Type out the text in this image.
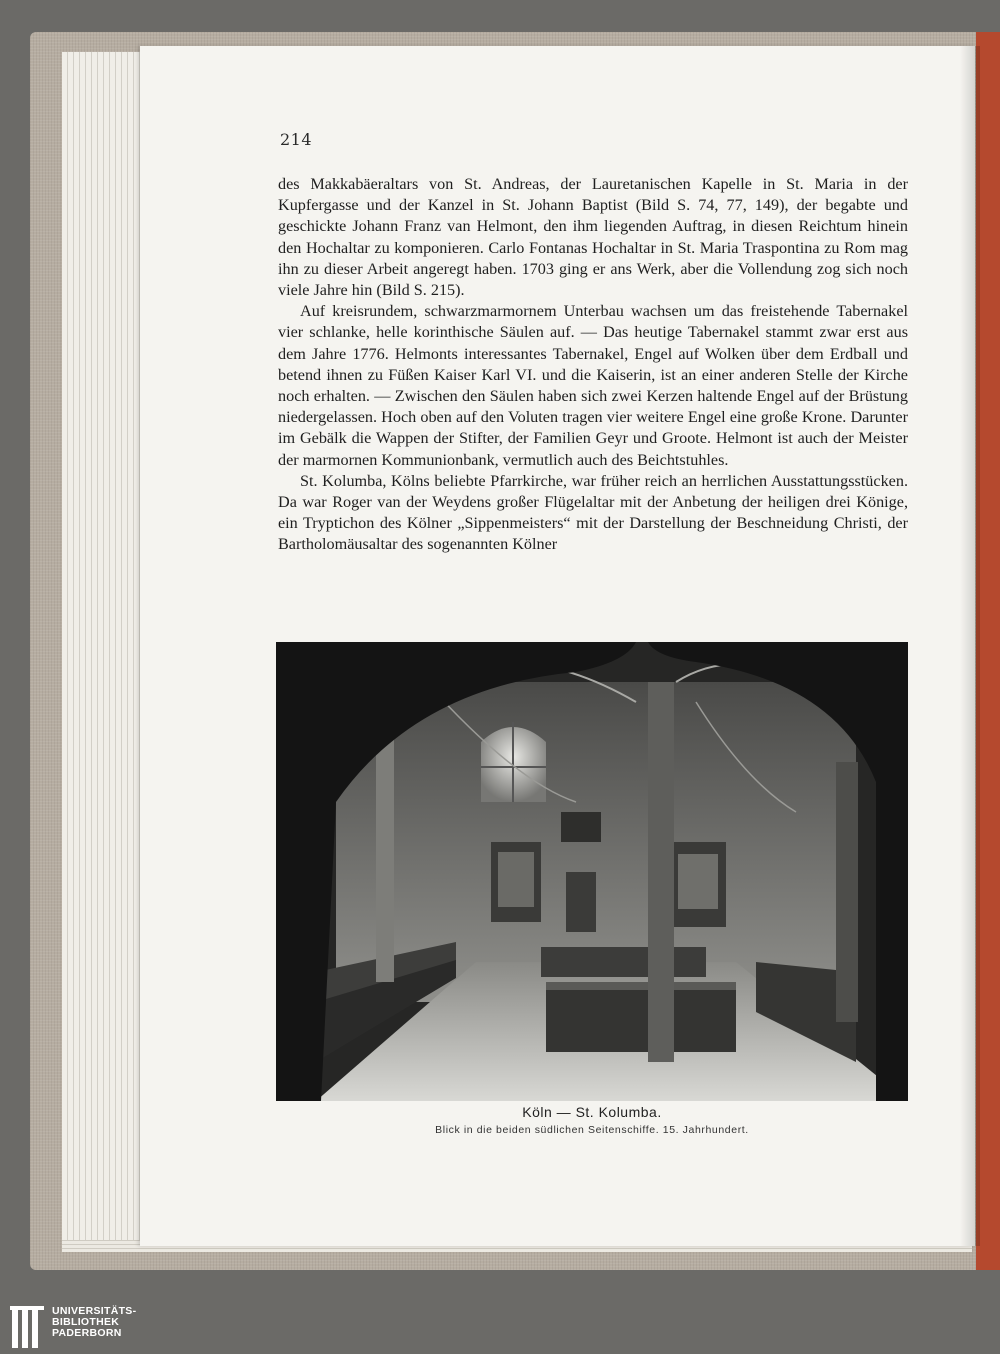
214

des Makkabäeraltars von St. Andreas, der Lauretanischen Kapelle in St. Maria in der Kupfergasse und der Kanzel in St. Johann Baptist (Bild S. 74, 77, 149), der begabte und geschickte Johann Franz van Helmont, den ihm liegenden Auftrag, in diesen Reichtum hinein den Hochaltar zu komponieren. Carlo Fontanas Hochaltar in St. Maria Traspontina zu Rom mag ihn zu dieser Arbeit angeregt haben. 1703 ging er ans Werk, aber die Vollendung zog sich noch viele Jahre hin (Bild S. 215).

Auf kreisrundem, schwarzmarmornem Unterbau wachsen um das freistehende Tabernakel vier schlanke, helle korinthische Säulen auf. — Das heutige Tabernakel stammt zwar erst aus dem Jahre 1776. Helmonts interessantes Tabernakel, Engel auf Wolken über dem Erdball und betend ihnen zu Füßen Kaiser Karl VI. und die Kaiserin, ist an einer anderen Stelle der Kirche noch erhalten. — Zwischen den Säulen haben sich zwei Kerzen haltende Engel auf der Brüstung niedergelassen. Hoch oben auf den Voluten tragen vier weitere Engel eine große Krone. Darunter im Gebälk die Wappen der Stifter, der Familien Geyr und Groote. Helmont ist auch der Meister der marmornen Kommunionbank, vermutlich auch des Beichtstuhles.

St. Kolumba, Kölns beliebte Pfarrkirche, war früher reich an herrlichen Ausstattungsstücken. Da war Roger van der Weydens großer Flügelaltar mit der Anbetung der heiligen drei Könige, ein Tryptichon des Kölner „Sippenmeisters“ mit der Darstellung der Beschneidung Christi, der Bartholomäusaltar des sogenannten Kölner

Köln — St. Kolumba.
Blick in die beiden südlichen Seitenschiffe. 15. Jahrhundert.
UNIVERSITÄTS-
BIBLIOTHEK
PADERBORN
